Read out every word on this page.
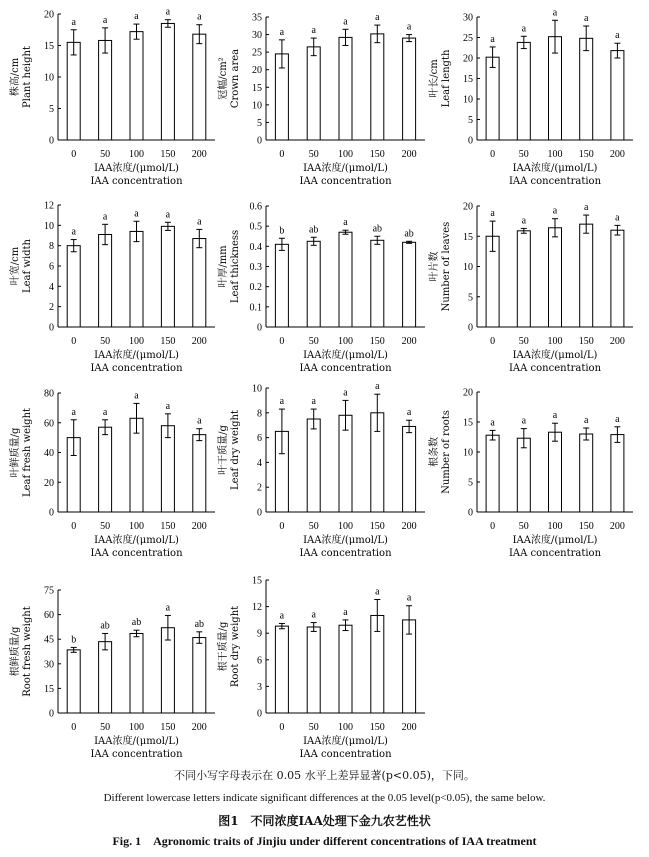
0
5
10
15
20
a
0
a
50
a
100
a
150
a
200
IAA浓度/(μmol/L)
IAA concentration
株高/cm Plant height
0
5
10
15
20
25
30
35
a
0
a
50
a
100
a
150
a
200
IAA浓度/(μmol/L)
IAA concentration
冠幅/cm² Crown area
0
5
10
15
20
25
30
a
0
a
50
a
100
a
150
a
200
IAA浓度/(μmol/L)
IAA concentration
叶长/cm Leaf length
0
2
4
6
8
10
12
a
0
a
50
a
100
a
150
a
200
IAA浓度/(μmol/L)
IAA concentration
叶宽/cm Leaf width
0
0.1
0.2
0.3
0.4
0.5
0.6
b
0
ab
50
a
100
ab
150
ab
200
IAA浓度/(μmol/L)
IAA concentration
叶厚/mm Leaf thickness
0
5
10
15
20
a
0
a
50
a
100
a
150
a
200
IAA浓度/(μmol/L)
IAA concentration
叶片数 Number of leaves
0
20
40
60
80
a
0
a
50
a
100
a
150
a
200
IAA浓度/(μmol/L)
IAA concentration
叶鲜质量/g Leaf fresh weight
0
2
4
6
8
10
a
0
a
50
a
100
a
150
a
200
IAA浓度/(μmol/L)
IAA concentration
叶干质量/g Leaf dry weight
0
5
10
15
20
a
0
a
50
a
100
a
150
a
200
IAA浓度/(μmol/L)
IAA concentration
根条数 Number of roots
0
15
30
45
60
75
b
0
ab
50
ab
100
a
150
ab
200
IAA浓度/(μmol/L)
IAA concentration
根鲜质量/g Root fresh weight
0
3
6
9
12
15
a
0
a
50
a
100
a
150
a
200
IAA浓度/(μmol/L)
IAA concentration
根干质量/g Root dry weight
不同小写字母表示在 0.05 水平上差异显著(p<0.05)，下同。
Different lowercase letters indicate significant differences at the 0.05 level(p<0.05), the same below.
图1　不同浓度IAA处理下金九农艺性状
Fig. 1　Agronomic traits of Jinjiu under different concentrations of IAA treatment
